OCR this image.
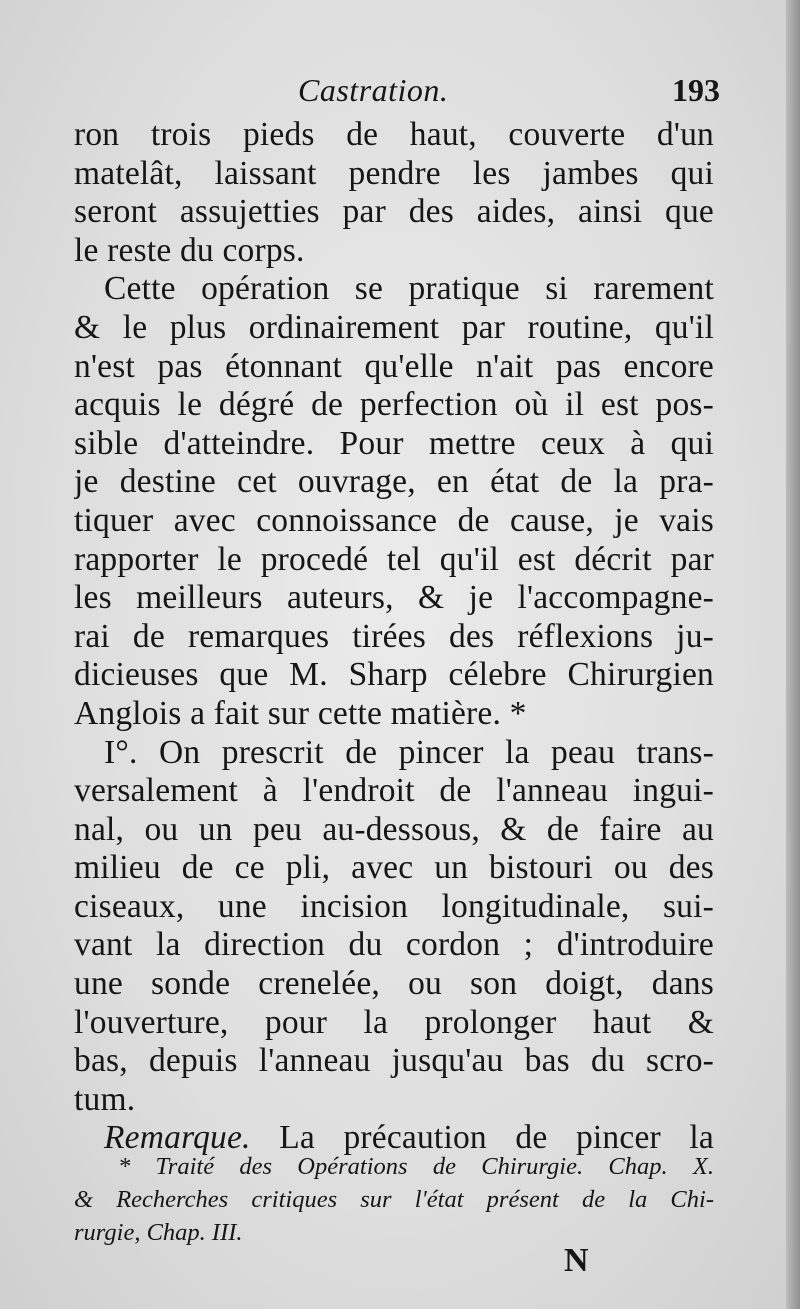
Castration.	193
ron trois pieds de haut, couverte d'un
matelât, laissant pendre les jambes qui
seront assujetties par des aides, ainsi que
le reste du corps.
Cette opération se pratique si rarement
& le plus ordinairement par routine, qu'il
n'est pas étonnant qu'elle n'ait pas encore
acquis le dégré de perfection où il est pos-
sible d'atteindre. Pour mettre ceux à qui
je destine cet ouvrage, en état de la pra-
tiquer avec connoissance de cause, je vais
rapporter le procedé tel qu'il est décrit par
les meilleurs auteurs, & je l'accompagne-
rai de remarques tirées des réflexions ju-
dicieuses que M. Sharp célebre Chirurgien
Anglois a fait sur cette matière. *
I°. On prescrit de pincer la peau trans-
versalement à l'endroit de l'anneau ingui-
nal, ou un peu au-dessous, & de faire au
milieu de ce pli, avec un bistouri ou des
ciseaux, une incision longitudinale, sui-
vant la direction du cordon ; d'introduire
une sonde crenelée, ou son doigt, dans
l'ouverture, pour la prolonger haut &
bas, depuis l'anneau jusqu'au bas du scro-
tum.
Remarque. La précaution de pincer la
* Traité des Opérations de Chirurgie. Chap. X.
& Recherches critiques sur l'état présent de la Chi-
rurgie, Chap. III.
N
